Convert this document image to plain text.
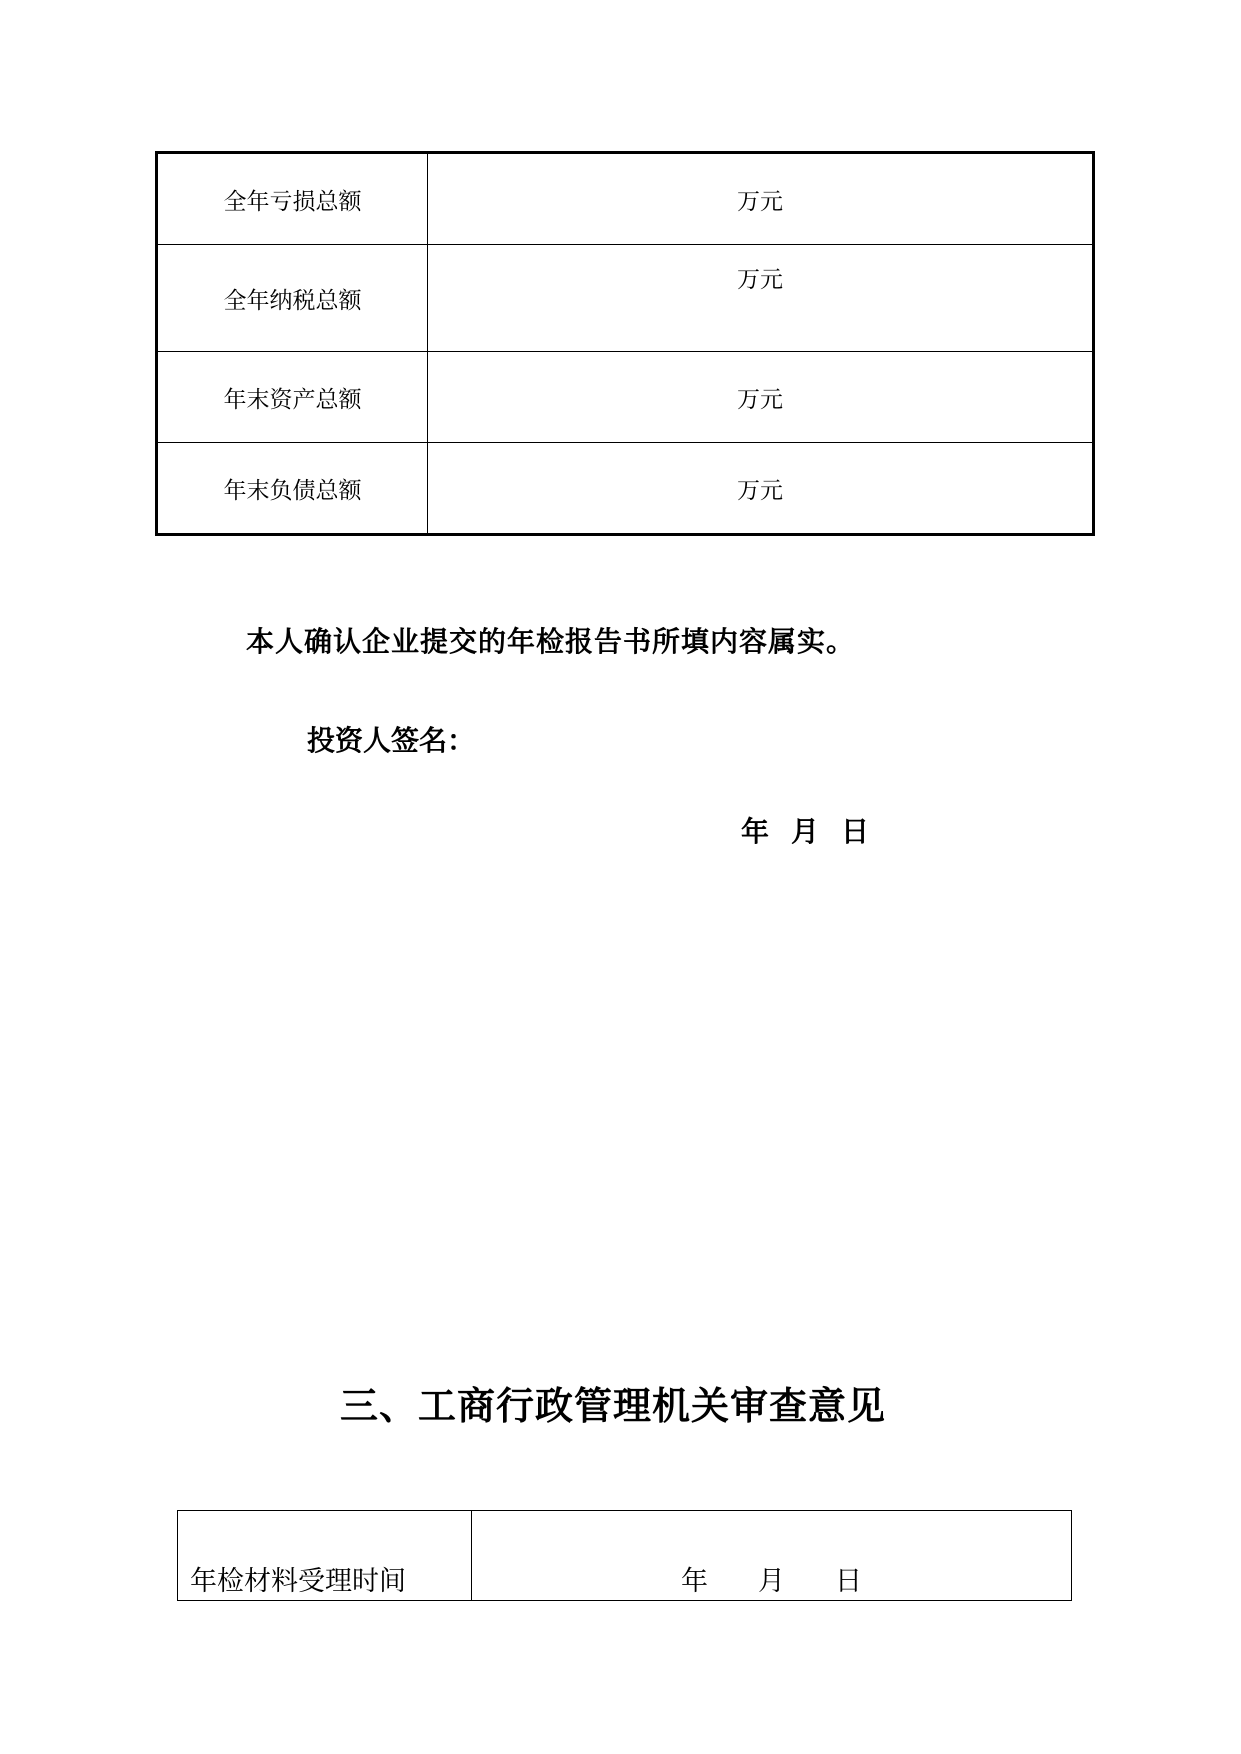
全年亏损总额	万元
全年纳税总额	万元
年末资产总额	万元
年末负债总额	万元
本人确认企业提交的年检报告书所填内容属实。
投资人签名：
年 月 日
三、工商行政管理机关审查意见
年检材料受理时间	年 月 日
